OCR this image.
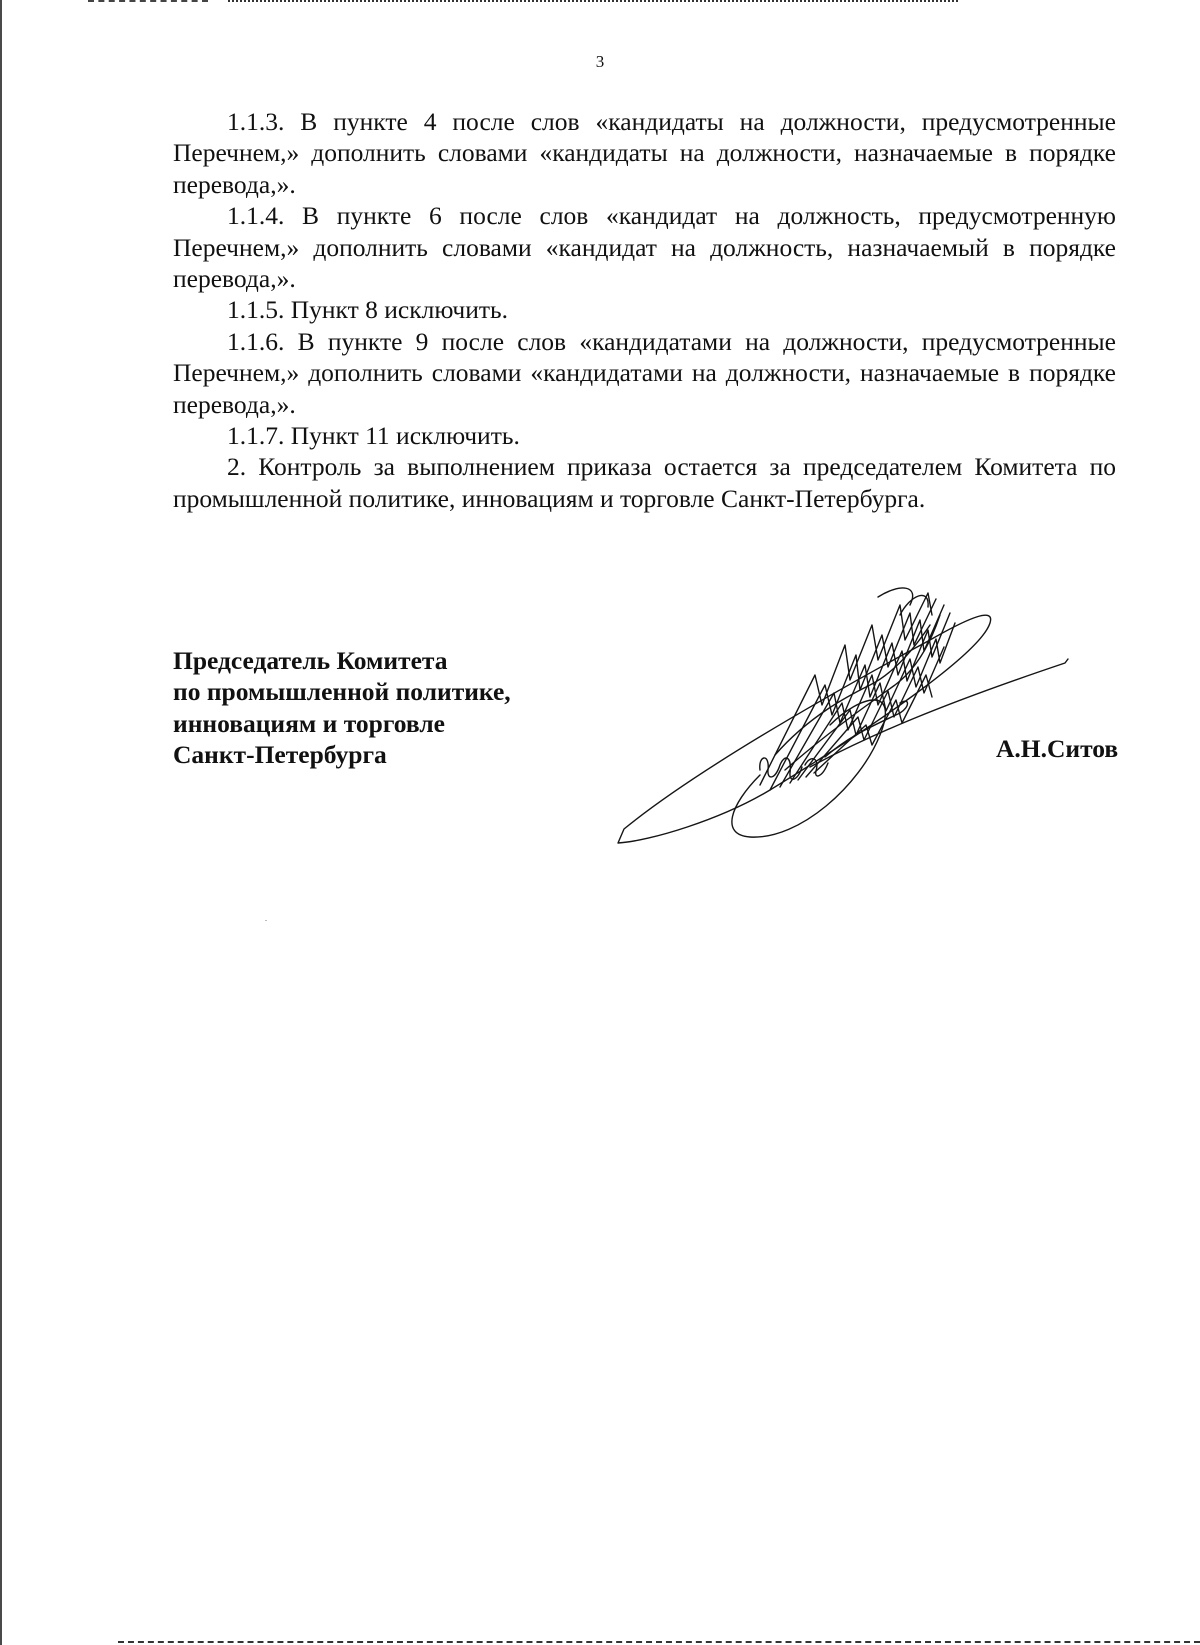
3

1.1.3. В пункте 4 после слов «кандидаты на должности, предусмотренные Перечнем,» дополнить словами «кандидаты на должности, назначаемые в порядке перевода,».

1.1.4. В пункте 6 после слов «кандидат на должность, предусмотренную Перечнем,» дополнить словами «кандидат на должность, назначаемый в порядке перевода,».

1.1.5. Пункт 8 исключить.

1.1.6. В пункте 9 после слов «кандидатами на должности, предусмотренные Перечнем,» дополнить словами «кандидатами на должности, назначаемые в порядке перевода,».

1.1.7. Пункт 11 исключить.

2. Контроль за выполнением приказа остается за председателем Комитета по промышленной политике, инновациям и торговле Санкт-Петербурга.

Председатель Комитета
по промышленной политике,
инновациям и торговле
Санкт-Петербурга	А.Н.Ситов
